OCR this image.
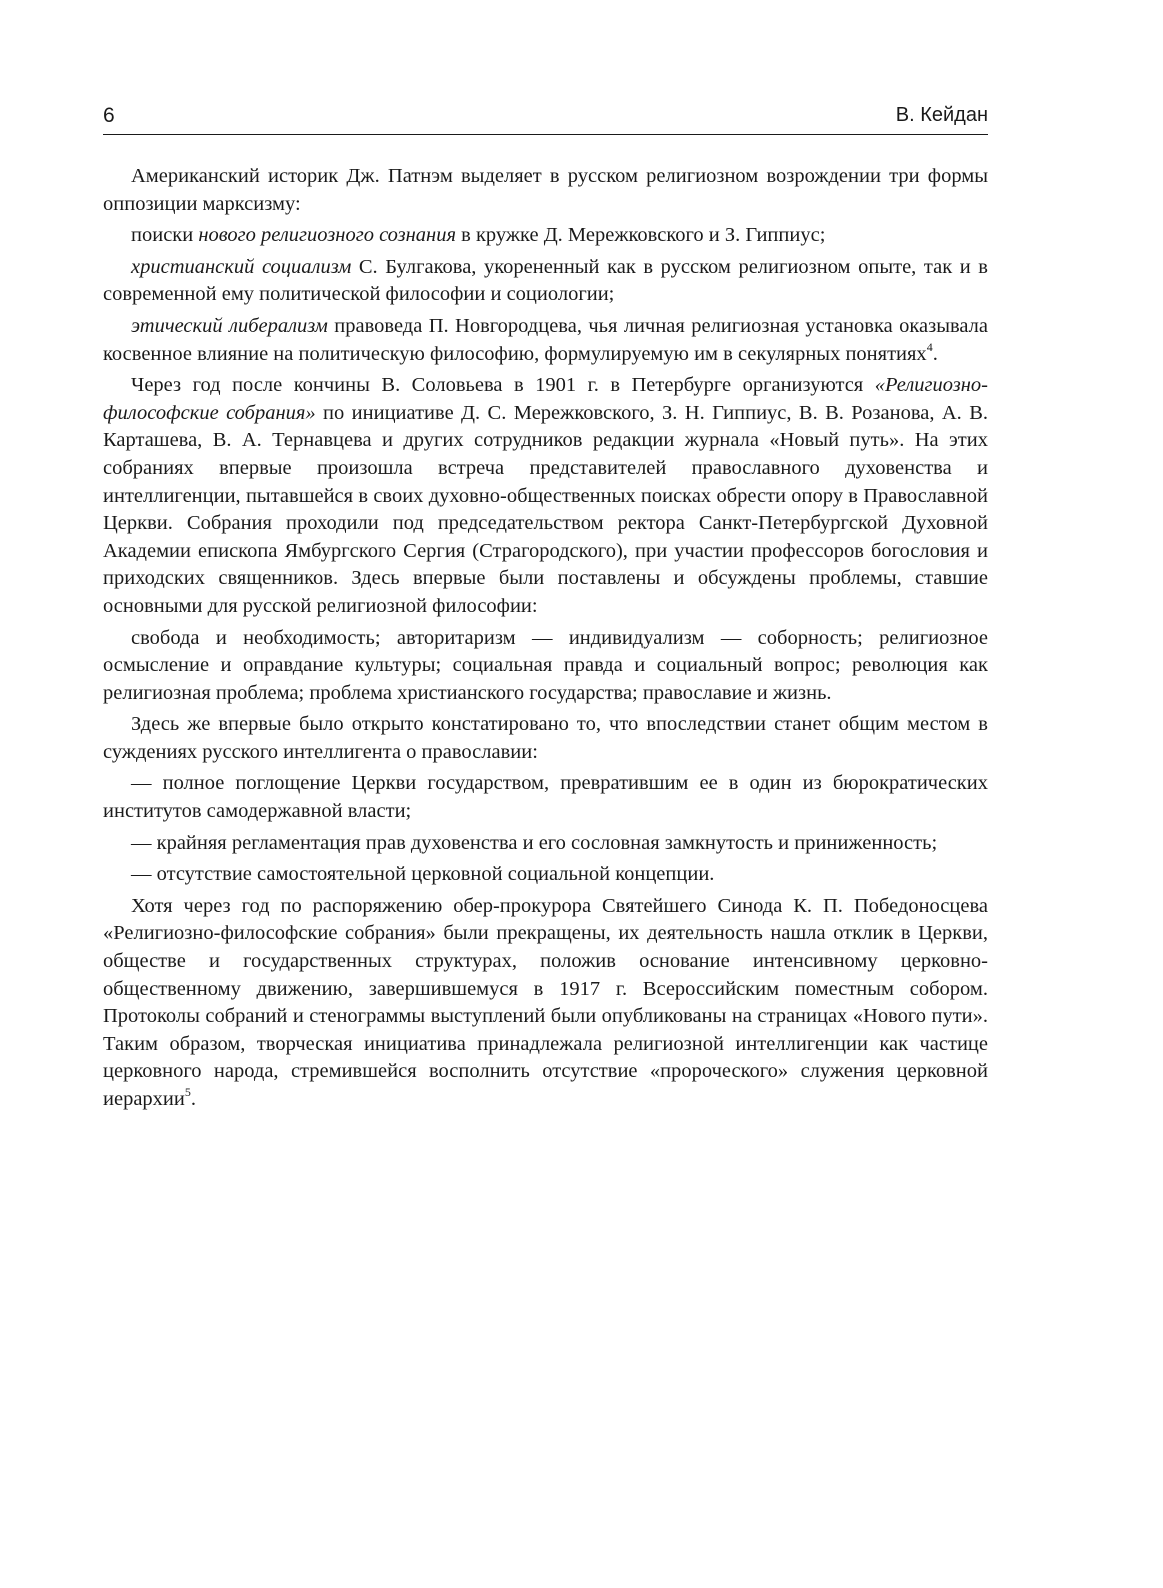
6	В. Кейдан

Американский историк Дж. Патнэм выделяет в русском религиозном возрождении три формы оппозиции марксизму:

поиски нового религиозного сознания в кружке Д. Мережковского и З. Гиппиус;

христианский социализм С. Булгакова, укорененный как в русском религиозном опыте, так и в современной ему политической философии и социологии;

этический либерализм правоведа П. Новгородцева, чья личная религиозная установка оказывала косвенное влияние на политическую философию, формулируемую им в секулярных понятиях$^4$.

Через год после кончины В. Соловьева в 1901 г. в Петербурге организуются «Религиозно-философские собрания» по инициативе Д. С. Мережковского, З. Н. Гиппиус, В. В. Розанова, А. В. Карташева, В. А. Тернавцева и других сотрудников редакции журнала «Новый путь». На этих собраниях впервые произошла встреча представителей православного духовенства и интеллигенции, пытавшейся в своих духовно-общественных поисках обрести опору в Православной Церкви. Собрания проходили под председательством ректора Санкт-Петербургской Духовной Академии епископа Ямбургского Сергия (Страгородского), при участии профессоров богословия и приходских священников. Здесь впервые были поставлены и обсуждены проблемы, ставшие основными для русской религиозной философии:

свобода и необходимость; авторитаризм — индивидуализм — соборность; религиозное осмысление и оправдание культуры; социальная правда и социальный вопрос; революция как религиозная проблема; проблема христианского государства; православие и жизнь.

Здесь же впервые было открыто констатировано то, что впоследствии станет общим местом в суждениях русского интеллигента о православии:

— полное поглощение Церкви государством, превратившим ее в один из бюрократических институтов самодержавной власти;

— крайняя регламентация прав духовенства и его сословная замкнутость и приниженность;

— отсутствие самостоятельной церковной социальной концепции.

Хотя через год по распоряжению обер-прокурора Святейшего Синода К. П. Победоносцева «Религиозно-философские собрания» были прекращены, их деятельность нашла отклик в Церкви, обществе и государственных структурах, положив основание интенсивному церковно-общественному движению, завершившемуся в 1917 г. Всероссийским поместным собором. Протоколы собраний и стенограммы выступлений были опубликованы на страницах «Нового пути». Таким образом, творческая инициатива принадлежала религиозной интеллигенции как частице церковного народа, стремившейся восполнить отсутствие «пророческого» служения церковной иерархии$^5$.
